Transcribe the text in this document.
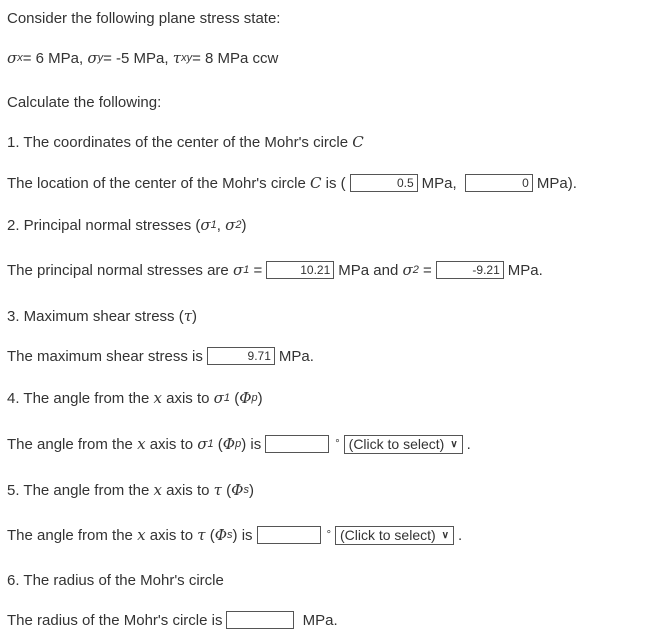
Consider the following plane stress state:
σ x = 6 MPa,
σ y = -5 MPa,
τ xy = 8 MPa ccw
Calculate the following:
1. The coordinates of the center of the Mohr's circle
C
The location of the center of the Mohr's circle
C
is (	0.5 MPa,
	0 MPa).
2. Principal normal stresses ( σ 1 , σ 2 )
The principal normal stresses are
σ 1
=	10.21 MPa and
σ 2
=	-9.21 MPa.
3. Maximum shear stress ( τ )
The maximum shear stress is	9.71 MPa.
4. The angle from the
x
axis to
σ 1 ( Φ p )
The angle from the
x
axis to
σ 1 ( Φ p ) is	° (Click to select) ∨ .
5. The angle from the
x
axis to
τ ( Φ s )
The angle from the
x
axis to
τ ( Φ s ) is	° (Click to select) ∨ .
6. The radius of the Mohr's circle
The radius of the Mohr's circle is
	MPa.
